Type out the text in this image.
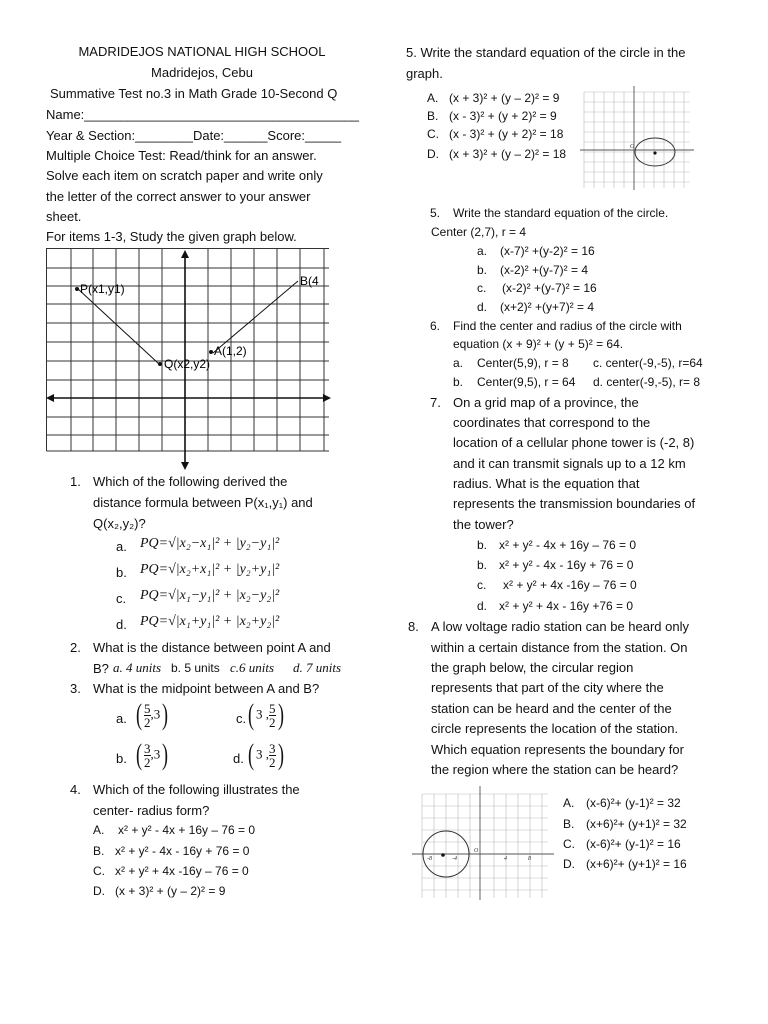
MADRIDEJOS NATIONAL HIGH SCHOOL
Madridejos, Cebu
Summative Test no.3 in Math Grade 10-Second Q
Name:______________________________________
Year & Section:________Date:______Score:_____
Multiple Choice Test: Read/think for an answer.
Solve each item on scratch paper and write only
the letter of the correct answer to your answer
sheet.
For items 1-3, Study the given graph below.
P(x1,y1)
Q(x2,y2)
A(1,2)
B(4
1. Which of the following derived the
distance formula between P(x₁,y₁) and
Q(x₂,y₂)?
a. PQ=√|x₂−x₁|² + |y₂−y₁|²
b. PQ=√|x₂+x₁|² + |y₂+y₁|²
c. PQ=√|x₁−y₁|² + |x₂−y₂|²
d. PQ=√|x₁+y₁|² + |x₂+y₂|²
2. What is the distance between point A and
B? a. 4 units b. 5 units c.6 units d. 7 units
3. What is the midpoint between A and B?
a. ( $\frac{5}{2} ,3$)	c. ( 3 , $\frac{5}{2}$ )
b. ( $\frac{3}{2} ,3$)	d. ( 3 , $\frac{3}{2}$ )
4. Which of the following illustrates the
center- radius form?
A. x² + y² - 4x + 16y – 76 = 0
B. x² + y² - 4x - 16y + 76 = 0
C. x² + y² + 4x -16y – 76 = 0
D. (x + 3)² + (y – 2)² = 9
5. Write the standard equation of the circle in the
graph.
A. (x + 3)² + (y – 2)² = 9
B. (x - 3)² + (y + 2)² = 9
C. (x - 3)² + (y + 2)² = 18
D. (x + 3)² + (y – 2)² = 18	O
5. Write the standard equation of the circle.
Center (2,7), r = 4
a. (x-7)² +(y-2)² = 16
b. (x-2)² +(y-7)² = 4
c. (x-2)² +(y-7)² = 16
d. (x+2)² +(y+7)² = 4
6. Find the center and radius of the circle with
equation (x + 9)² + (y + 5)² = 64.
a. Center(5,9), r = 8 c. center(-9,-5), r=64
b. Center(9,5), r = 64 d. center(-9,-5), r= 8
7. On a grid map of a province, the
coordinates that correspond to the
location of a cellular phone tower is (-2, 8)
and it can transmit signals up to a 12 km
radius. What is the equation that
represents the transmission boundaries of
the tower?
b. x² + y² - 4x + 16y – 76 = 0
b. x² + y² - 4x - 16y + 76 = 0
c. x² + y² + 4x -16y – 76 = 0
d. x² + y² + 4x - 16y +76 = 0
8. A low voltage radio station can be heard only
within a certain distance from the station. On
the graph below, the circular region
represents that part of the city where the
station can be heard and the center of the
circle represents the location of the station.
Which equation represents the boundary for
the region where the station can be heard?
-8	-4
O
4	8
A. (x-6)²+ (y-1)² = 32
B. (x+6)²+ (y+1)² = 32
C. (x-6)²+ (y-1)² = 16
D. (x+6)²+ (y+1)² = 16
